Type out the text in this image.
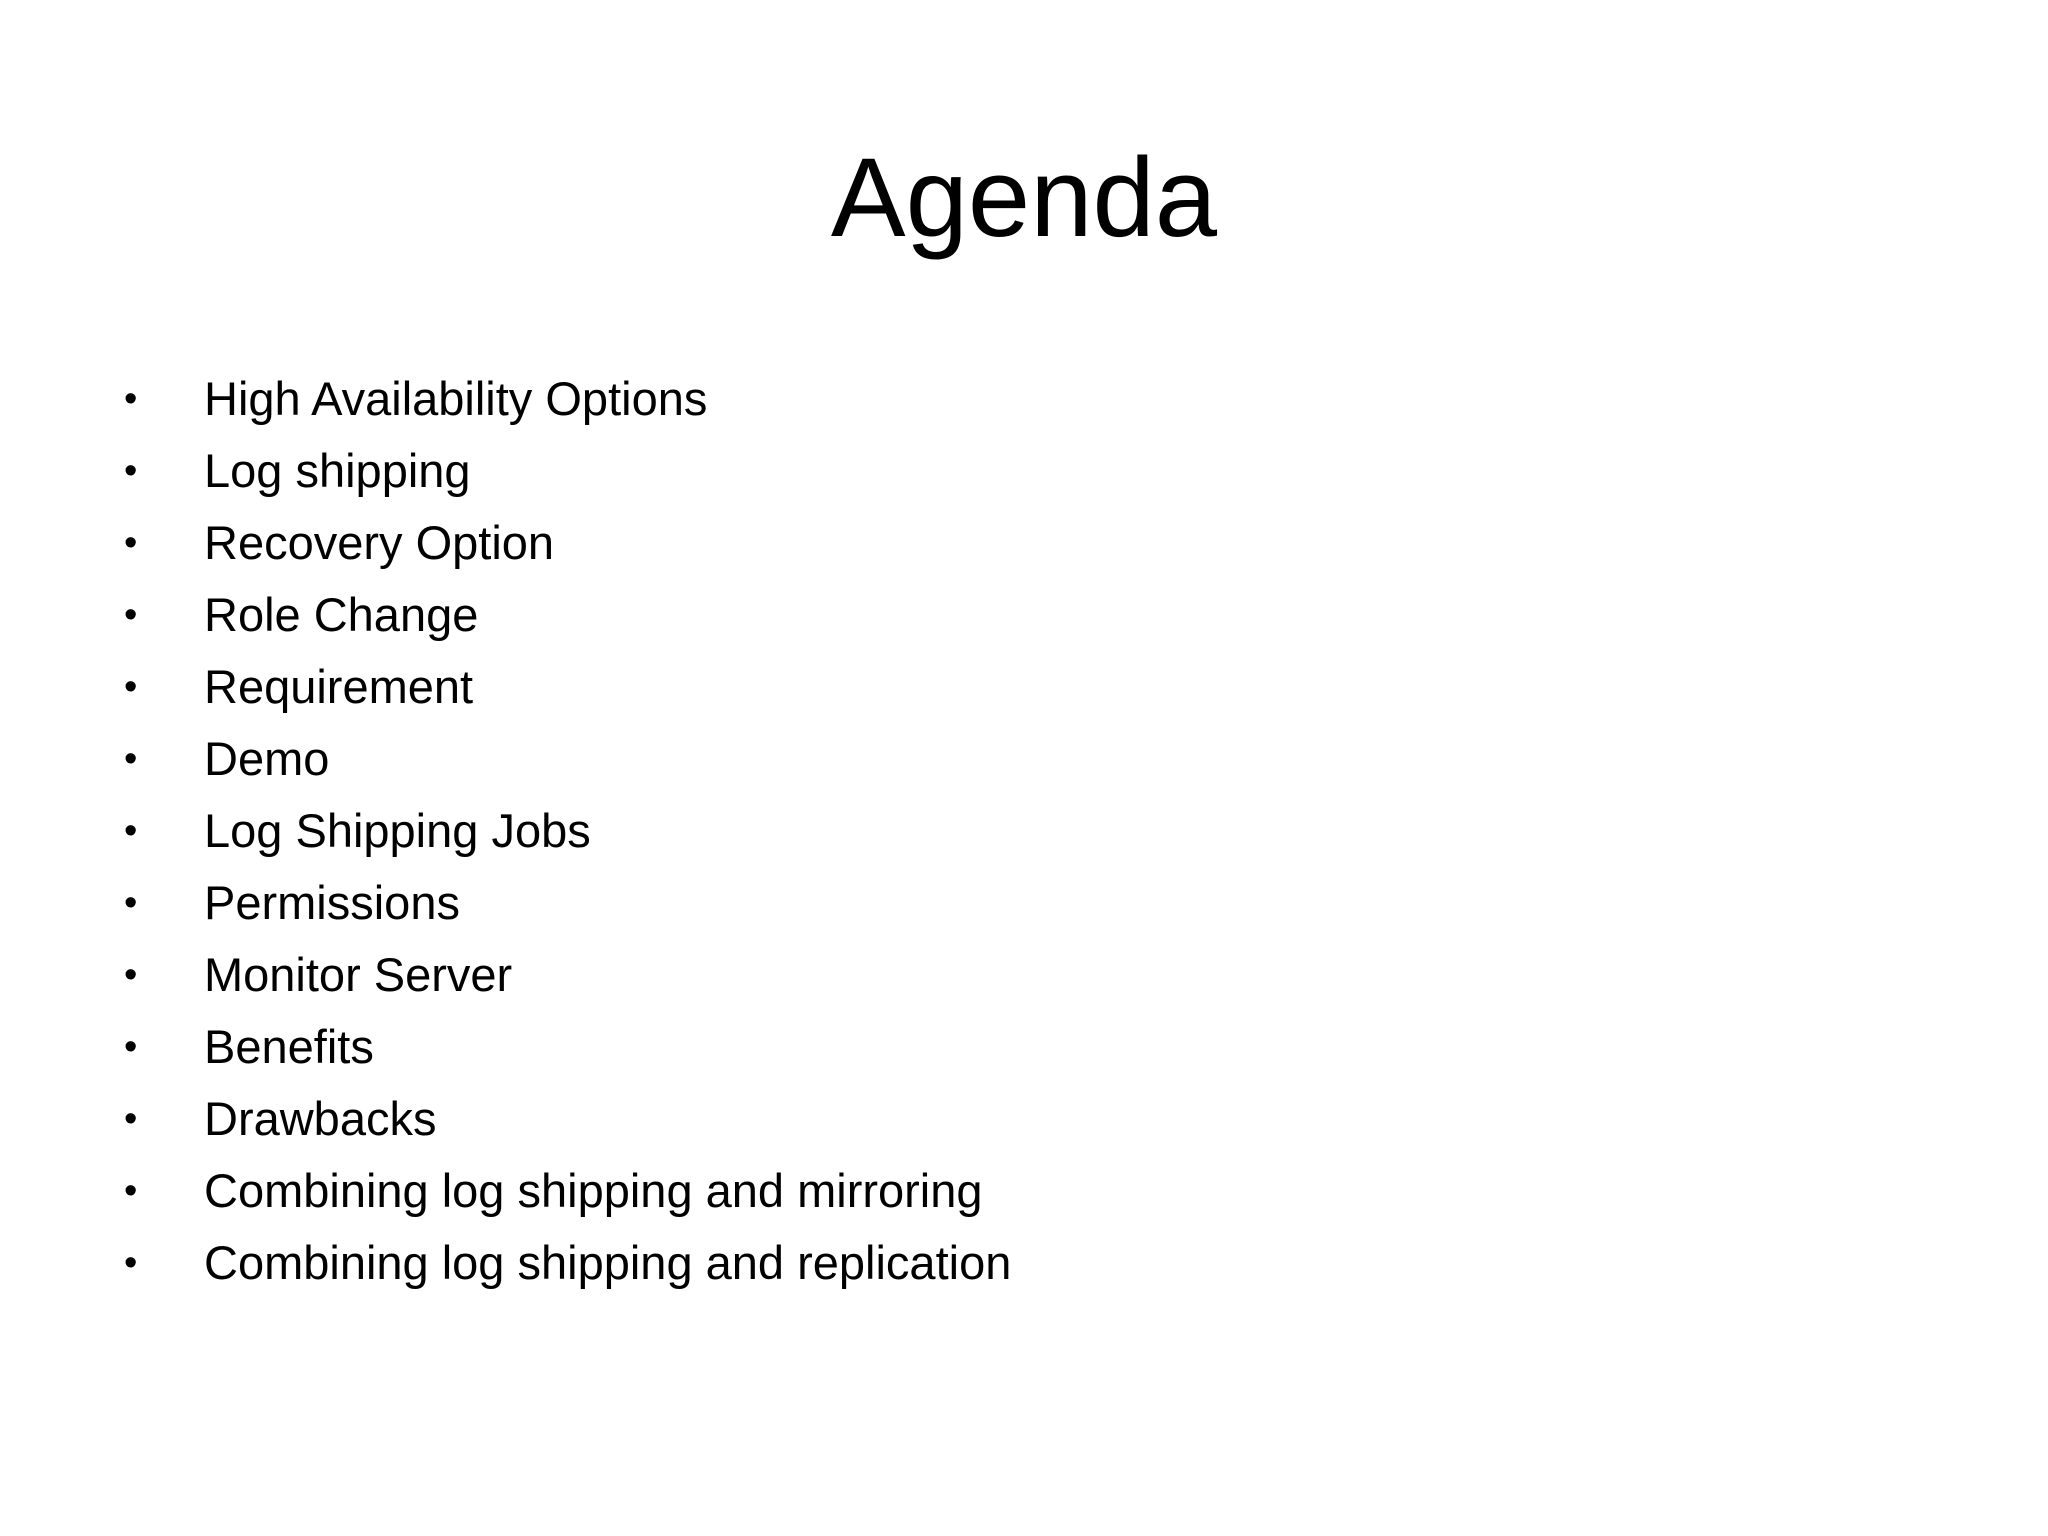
Agenda
• High Availability Options
• Log shipping
• Recovery Option
• Role Change
• Requirement
• Demo
• Log Shipping Jobs
• Permissions
• Monitor Server
• Benefits
• Drawbacks
• Combining log shipping and mirroring
• Combining log shipping and replication
